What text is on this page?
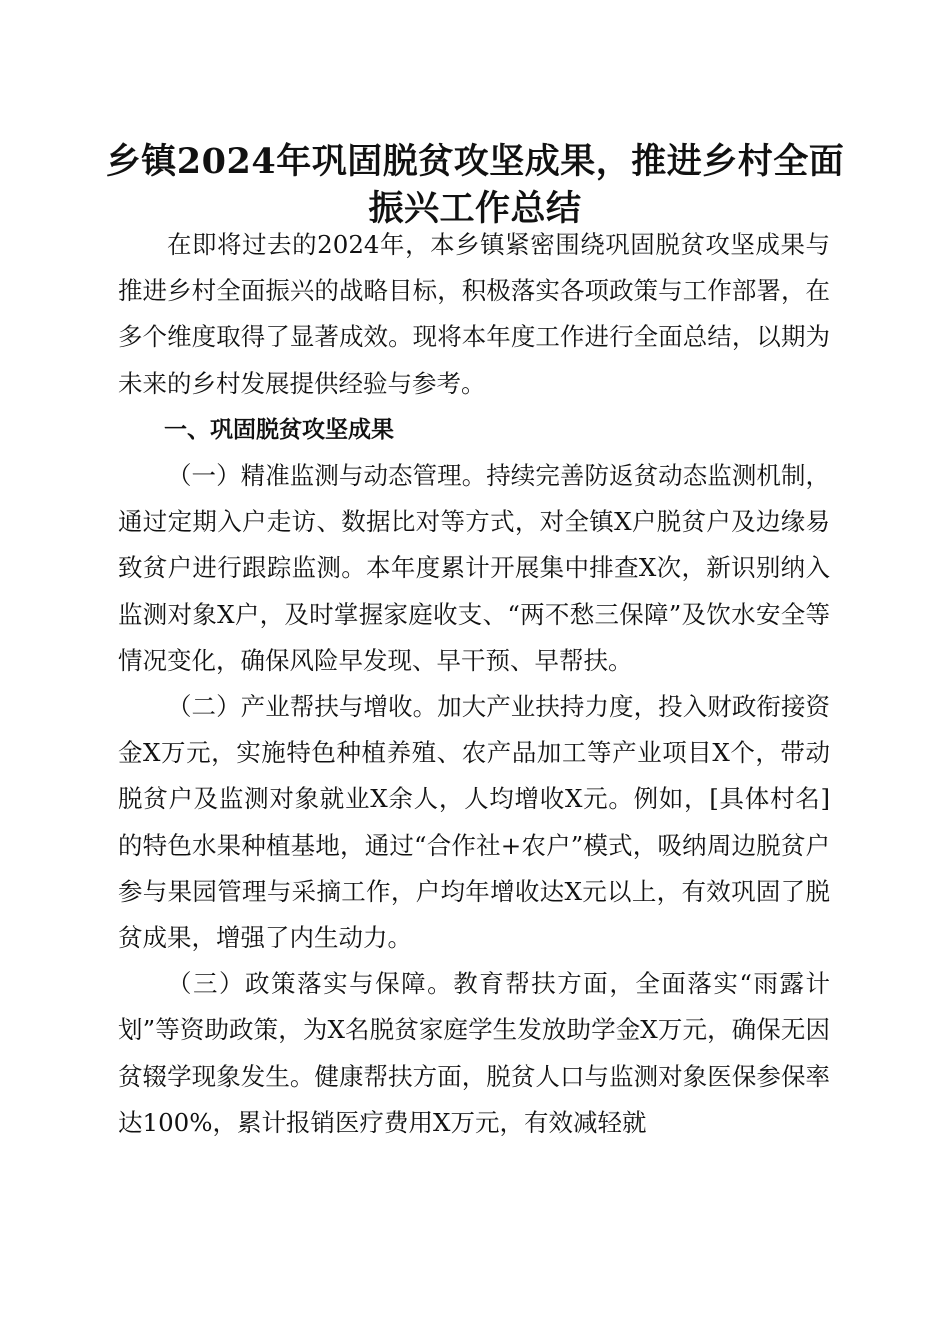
乡镇2024年巩固脱贫攻坚成果，推进乡村全面振兴工作总结

在即将过去的2024年，本乡镇紧密围绕巩固脱贫攻坚成果与推进乡村全面振兴的战略目标，积极落实各项政策与工作部署，在多个维度取得了显著成效。现将本年度工作进行全面总结，以期为未来的乡村发展提供经验与参考。

一、巩固脱贫攻坚成果

（一）精准监测与动态管理。持续完善防返贫动态监测机制，通过定期入户走访、数据比对等方式，对全镇X户脱贫户及边缘易致贫户进行跟踪监测。本年度累计开展集中排查X次，新识别纳入监测对象X户，及时掌握家庭收支、“两不愁三保障”及饮水安全等情况变化，确保风险早发现、早干预、早帮扶。

（二）产业帮扶与增收。加大产业扶持力度，投入财政衔接资金X万元，实施特色种植养殖、农产品加工等产业项目X个，带动脱贫户及监测对象就业X余人，人均增收X元。例如，[具体村名]的特色水果种植基地，通过“合作社+农户”模式，吸纳周边脱贫户参与果园管理与采摘工作，户均年增收达X元以上，有效巩固了脱贫成果，增强了内生动力。

（三）政策落实与保障。教育帮扶方面，全面落实“雨露计划”等资助政策，为X名脱贫家庭学生发放助学金X万元，确保无因贫辍学现象发生。健康帮扶方面，脱贫人口与监测对象医保参保率达100%，累计报销医疗费用X万元，有效减轻就
